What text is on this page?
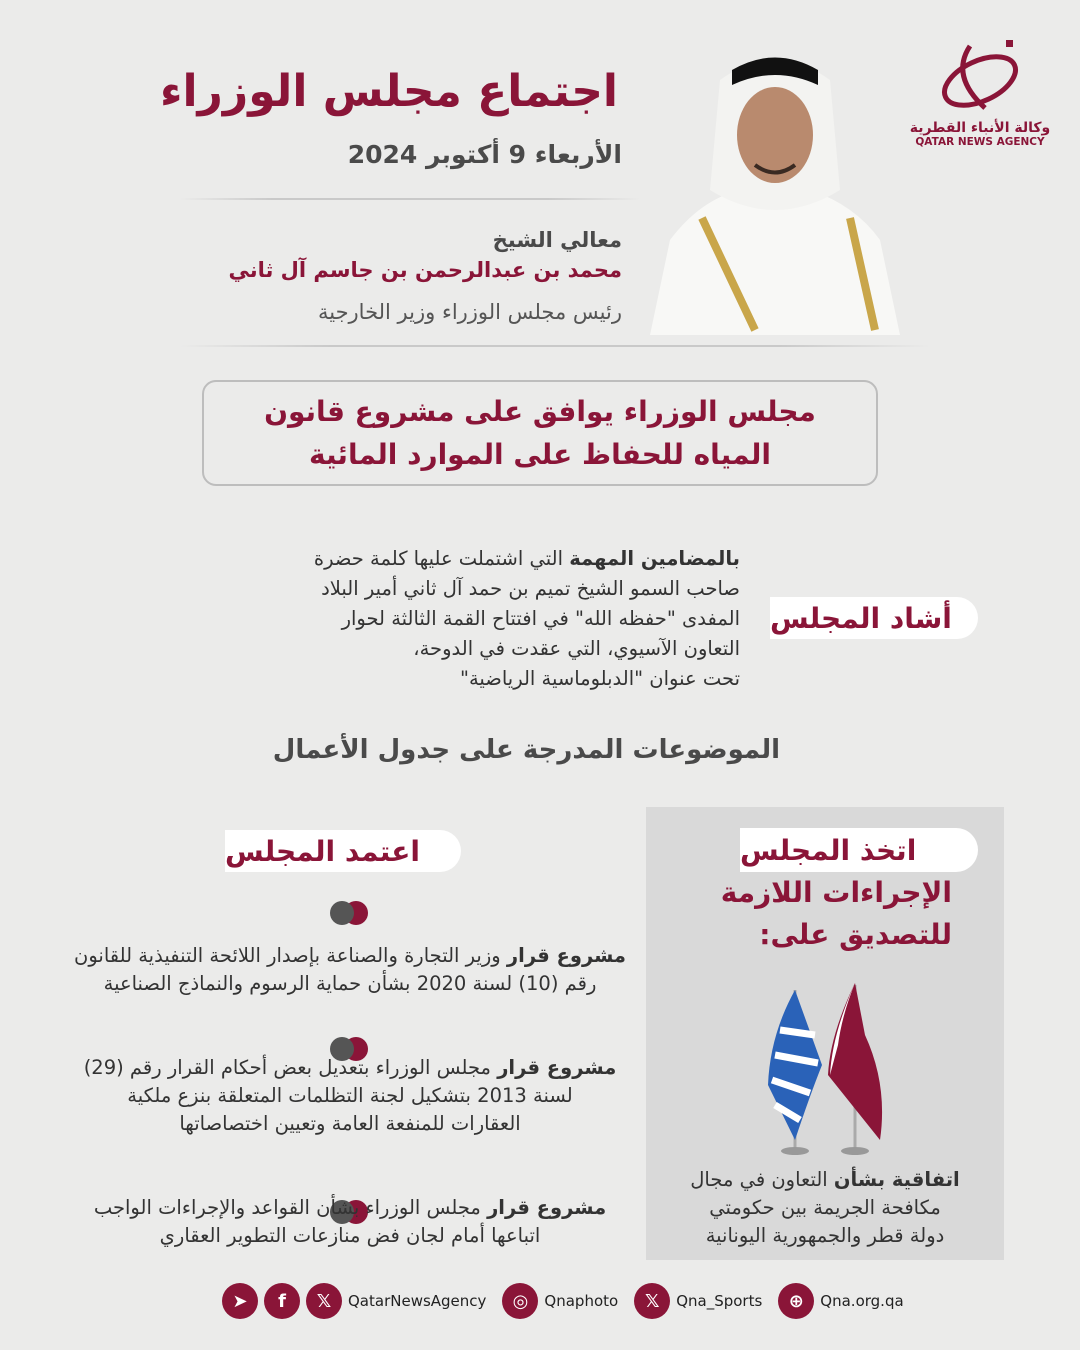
اجتماع مجلس الوزراء
الأربعاء 9 أكتوبر 2024
معالي الشيخ
محمد بن عبدالرحمن بن جاسم آل ثاني
رئيس مجلس الوزراء وزير الخارجية
وكالة الأنباء القطرية
QATAR NEWS AGENCY
مجلس الوزراء يوافق على مشروع قانون
المياه للحفاظ على الموارد المائية
أشاد المجلس
بالمضامين المهمة التي اشتملت عليها كلمة حضرة
صاحب السمو الشيخ تميم بن حمد آل ثاني أمير البلاد
المفدى "حفظه الله" في افتتاح القمة الثالثة لحوار
التعاون الآسيوي، التي عقدت في الدوحة،
تحت عنوان "الدبلوماسية الرياضية"
الموضوعات المدرجة على جدول الأعمال
اتخذ المجلس
الإجراءات اللازمة
للتصديق على:
اتفاقية بشأن التعاون في مجال
مكافحة الجريمة بين حكومتي
دولة قطر والجمهورية اليونانية
اعتمد المجلس
مشروع قرار وزير التجارة والصناعة بإصدار اللائحة التنفيذية للقانون
رقم (10) لسنة 2020 بشأن حماية الرسوم والنماذج الصناعية
مشروع قرار مجلس الوزراء بتعديل بعض أحكام القرار رقم (29)
لسنة 2013 بتشكيل لجنة التظلمات المتعلقة بنزع ملكية
العقارات للمنفعة العامة وتعيين اختصاصاتها
مشروع قرار مجلس الوزراء بشأن القواعد والإجراءات الواجب
اتباعها أمام لجان فض منازعات التطوير العقاري
➤	f	𝕏	QatarNewsAgency	◎	Qnaphoto	𝕏	Qna_Sports	⊕	Qna.org.qa
